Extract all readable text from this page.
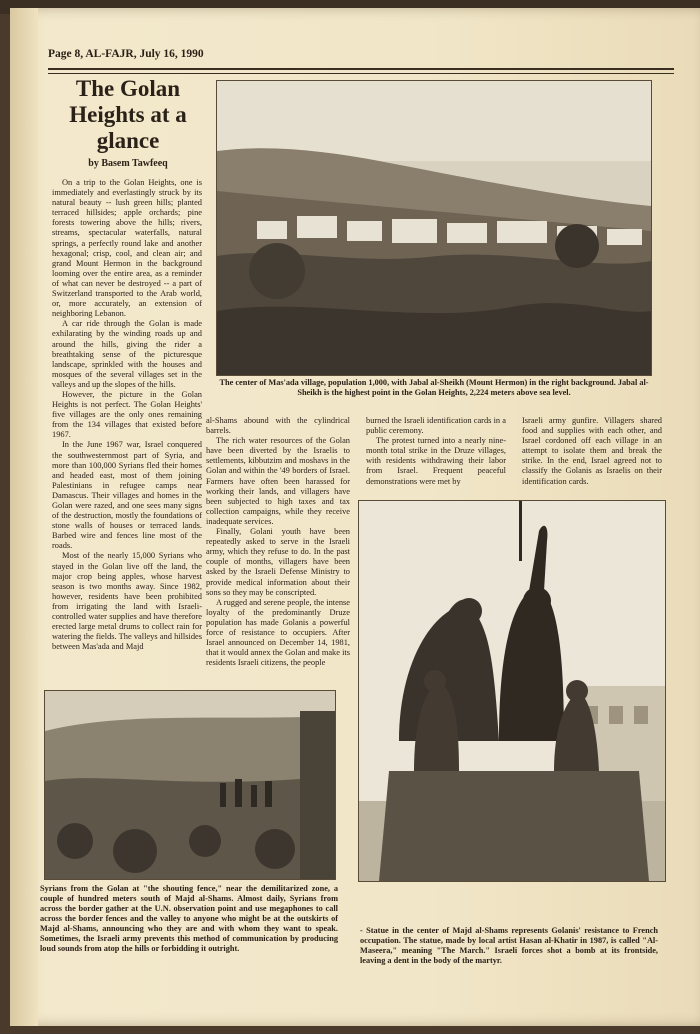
Page 8, AL-FAJR, July 16, 1990
The Golan Heights at a glance
by Basem Tawfeeq

On a trip to the Golan Heights, one is immediately and everlastingly struck by its natural beauty -- lush green hills; planted terraced hillsides; apple orchards; pine forests towering above the hills; rivers, streams, spectacular waterfalls, natural springs, a perfectly round lake and another hexagonal; crisp, cool, and clean air; and grand Mount Hermon in the background looming over the entire area, as a reminder of what can never be destroyed -- a part of Switzerland transported to the Arab world, or, more accurately, an extension of neighboring Lebanon.

A car ride through the Golan is made exhilarating by the winding roads up and around the hills, giving the rider a breathtaking sense of the picturesque landscape, sprinkled with the houses and mosques of the several villages set in the valleys and up the slopes of the hills.

However, the picture in the Golan Heights is not perfect. The Golan Heights' five villages are the only ones remaining from the 134 villages that existed before 1967.

In the June 1967 war, Israel conquered the southwesternmost part of Syria, and more than 100,000 Syrians fled their homes and headed east, most of them joining Palestinians in refugee camps near Damascus. Their villages and homes in the Golan were razed, and one sees many signs of the destruction, mostly the foundations of stone walls of houses or terraced lands. Barbed wire and fences line most of the roads.

Most of the nearly 15,000 Syrians who stayed in the Golan live off the land, the major crop being apples, whose harvest season is two months away. Since 1982, however, residents have been prohibited from irrigating the land with Israeli-controlled water supplies and have therefore erected large metal drums to collect rain for watering the fields. The valleys and hillsides between Mas'ada and Majd

The center of Mas'ada village, population 1,000, with Jabal al-Sheikh (Mount Hermon) in the right background. Jabal al-Sheikh is the highest point in the Golan Heights, 2,224 meters above sea level.

al-Shams abound with the cylindrical barrels.

The rich water resources of the Golan have been diverted by the Israelis to settlements, kibbutzim and moshavs in the Golan and within the '49 borders of Israel. Farmers have often been harassed for working their lands, and villagers have been subjected to high taxes and tax collection campaigns, while they receive inadequate services.

Finally, Golani youth have been repeatedly asked to serve in the Israeli army, which they refuse to do. In the past couple of months, villagers have been asked by the Israeli Defense Ministry to provide medical information about their sons so they may be conscripted.

A rugged and serene people, the intense loyalty of the predominantly Druze population has made Golanis a powerful force of resistance to occupiers. After Israel announced on December 14, 1981, that it would annex the Golan and make its residents Israeli citizens, the people

burned the Israeli identification cards in a public ceremony.

The protest turned into a nearly nine-month total strike in the Druze villages, with residents withdrawing their labor from Israel. Frequent peaceful demonstrations were met by

Israeli army gunfire. Villagers shared food and supplies with each other, and Israel cordoned off each village in an attempt to isolate them and break the strike. In the end, Israel agreed not to classify the Golanis as Israelis on their identification cards.

Syrians from the Golan at "the shouting fence," near the demilitarized zone, a couple of hundred meters south of Majd al-Shams. Almost daily, Syrians from across the border gather at the U.N. observation point and use megaphones to call across the border fences and the valley to anyone who might be at the outskirts of Majd al-Shams, announcing who they are and with whom they want to speak. Sometimes, the Israeli army prevents this method of communication by producing loud sounds from atop the hills or forbidding it outright.
- Statue in the center of Majd al-Shams represents Golanis' resistance to French occupation. The statue, made by local artist Hasan al-Khatir in 1987, is called "Al-Maseera," meaning "The March." Israeli forces shot a bomb at its frontside, leaving a dent in the body of the martyr.
